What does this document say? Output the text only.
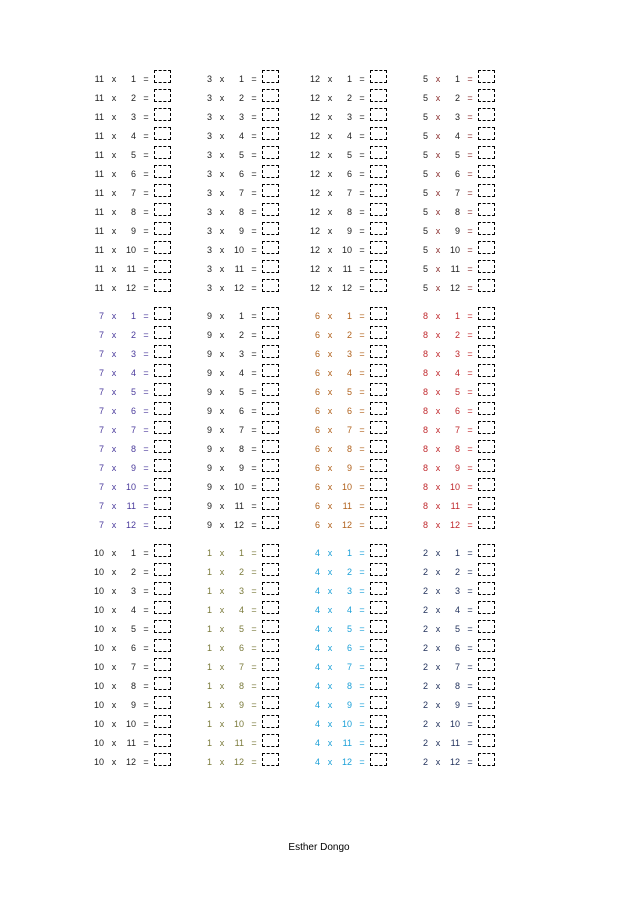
11 x	1 =
11 x	2 =
11 x	3 =
11 x	4 =
11 x	5 =
11 x	6 =
11 x	7 =
11 x	8 =
11 x	9 =
11 x	10 =
11 x	11 =
11 x	12 =
3 x	1 =
3 x	2 =
3 x	3 =
3 x	4 =
3 x	5 =
3 x	6 =
3 x	7 =
3 x	8 =
3 x	9 =
3 x	10 =
3 x	11 =
3 x	12 =
12 x	1 =
12 x	2 =
12 x	3 =
12 x	4 =
12 x	5 =
12 x	6 =
12 x	7 =
12 x	8 =
12 x	9 =
12 x	10 =
12 x	11 =
12 x	12 =
5 x	1 =
5 x	2 =
5 x	3 =
5 x	4 =
5 x	5 =
5 x	6 =
5 x	7 =
5 x	8 =
5 x	9 =
5 x	10 =
5 x	11 =
5 x	12 =
7 x	1 =
7 x	2 =
7 x	3 =
7 x	4 =
7 x	5 =
7 x	6 =
7 x	7 =
7 x	8 =
7 x	9 =
7 x	10 =
7 x	11 =
7 x	12 =
9 x	1 =
9 x	2 =
9 x	3 =
9 x	4 =
9 x	5 =
9 x	6 =
9 x	7 =
9 x	8 =
9 x	9 =
9 x	10 =
9 x	11 =
9 x	12 =
6 x	1 =
6 x	2 =
6 x	3 =
6 x	4 =
6 x	5 =
6 x	6 =
6 x	7 =
6 x	8 =
6 x	9 =
6 x	10 =
6 x	11 =
6 x	12 =
8 x	1 =
8 x	2 =
8 x	3 =
8 x	4 =
8 x	5 =
8 x	6 =
8 x	7 =
8 x	8 =
8 x	9 =
8 x	10 =
8 x	11 =
8 x	12 =
10 x	1 =
10 x	2 =
10 x	3 =
10 x	4 =
10 x	5 =
10 x	6 =
10 x	7 =
10 x	8 =
10 x	9 =
10 x	10 =
10 x	11 =
10 x	12 =
1 x	1 =
1 x	2 =
1 x	3 =
1 x	4 =
1 x	5 =
1 x	6 =
1 x	7 =
1 x	8 =
1 x	9 =
1 x	10 =
1 x	11 =
1 x	12 =
4 x	1 =
4 x	2 =
4 x	3 =
4 x	4 =
4 x	5 =
4 x	6 =
4 x	7 =
4 x	8 =
4 x	9 =
4 x	10 =
4 x	11 =
4 x	12 =
2 x	1 =
2 x	2 =
2 x	3 =
2 x	4 =
2 x	5 =
2 x	6 =
2 x	7 =
2 x	8 =
2 x	9 =
2 x	10 =
2 x	11 =
2 x	12 =
Esther Dongo
